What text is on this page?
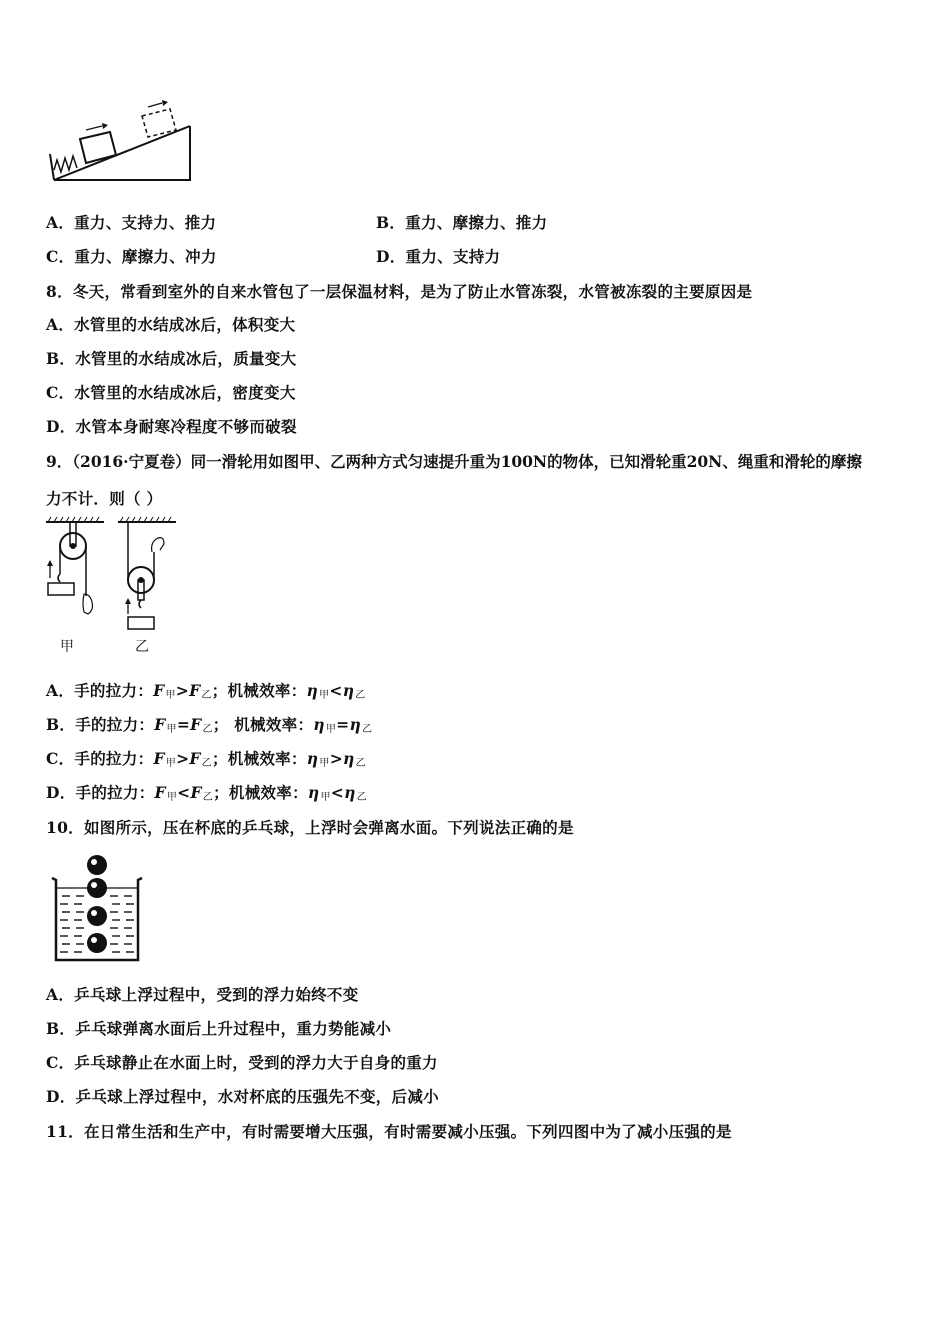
A．重力、支持力、推力	B．重力、摩擦力、推力
C．重力、摩擦力、冲力	D．重力、支持力
8．冬天，常看到室外的自来水管包了一层保温材料，是为了防止水管冻裂，水管被冻裂的主要原因是
A．水管里的水结成冰后，体积变大
B．水管里的水结成冰后，质量变大
C．水管里的水结成冰后，密度变大
D．水管本身耐寒冷程度不够而破裂
9．（2016·宁夏卷）同一滑轮用如图甲、乙两种方式匀速提升重为100N的物体，已知滑轮重20N、绳重和滑轮的摩擦
力不计．则（ ）
甲	乙
A．手的拉力：F甲>F乙；机械效率：η甲<η乙
B．手的拉力：F甲=F乙； 机械效率：η甲=η乙
C．手的拉力：F甲>F乙；机械效率：η甲>η乙
D．手的拉力：F甲<F乙；机械效率：η甲<η乙
10．如图所示，压在杯底的乒乓球，上浮时会弹离水面。下列说法正确的是
A．乒乓球上浮过程中，受到的浮力始终不变
B．乒乓球弹离水面后上升过程中，重力势能减小
C．乒乓球静止在水面上时，受到的浮力大于自身的重力
D．乒乓球上浮过程中，水对杯底的压强先不变，后减小
11．在日常生活和生产中，有时需要增大压强，有时需要减小压强。下列四图中为了减小压强的是
